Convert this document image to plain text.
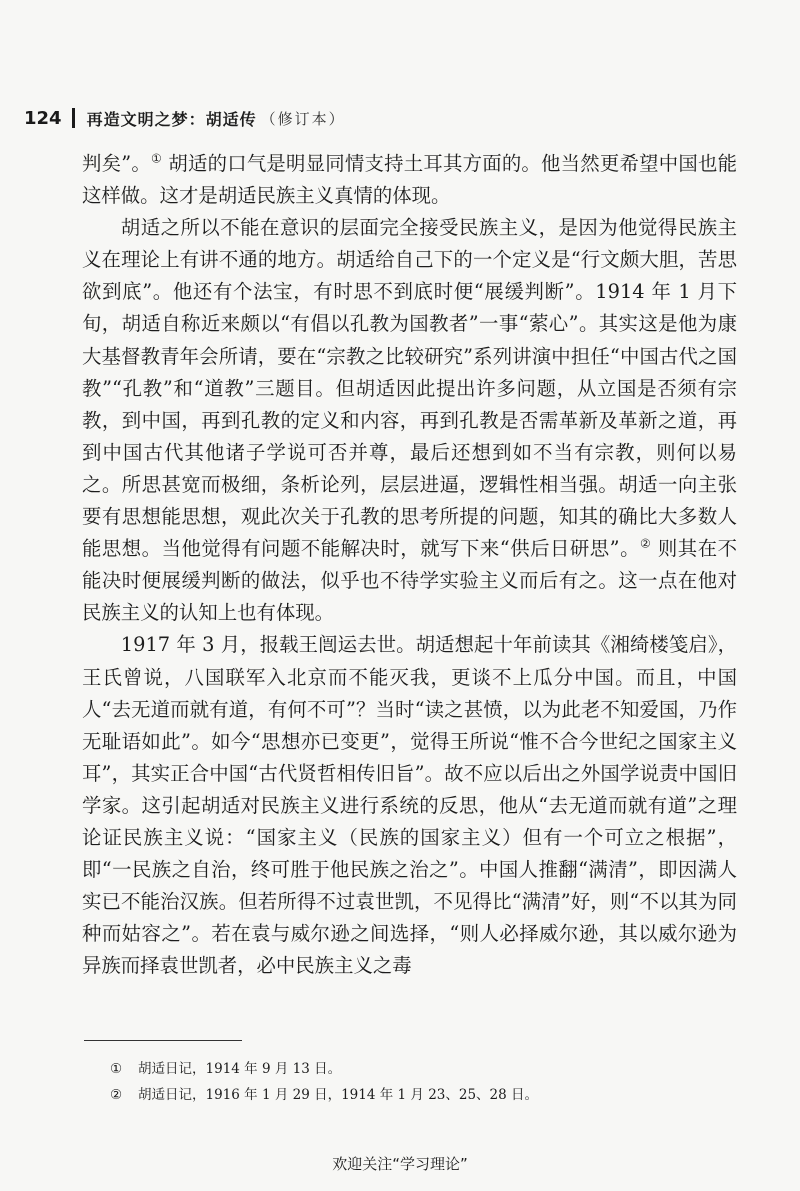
124 再造文明之梦：胡适传 （修订本）

判矣”。① 胡适的口气是明显同情支持土耳其方面的。他当然更希望中国也能这样做。这才是胡适民族主义真情的体现。

胡适之所以不能在意识的层面完全接受民族主义，是因为他觉得民族主义在理论上有讲不通的地方。胡适给自己下的一个定义是“行文颇大胆，苦思欲到底”。他还有个法宝，有时思不到底时便“展缓判断”。1914 年 1 月下旬，胡适自称近来颇以“有倡以孔教为国教者”一事“萦心”。其实这是他为康大基督教青年会所请，要在“宗教之比较研究”系列讲演中担任“中国古代之国教”“孔教”和“道教”三题目。但胡适因此提出许多问题，从立国是否须有宗教，到中国，再到孔教的定义和内容，再到孔教是否需革新及革新之道，再到中国古代其他诸子学说可否并尊，最后还想到如不当有宗教，则何以易之。所思甚宽而极细，条析论列，层层进逼，逻辑性相当强。胡适一向主张要有思想能思想，观此次关于孔教的思考所提的问题，知其的确比大多数人能思想。当他觉得有问题不能解决时，就写下来“供后日研思”。② 则其在不能决时便展缓判断的做法，似乎也不待学实验主义而后有之。这一点在他对民族主义的认知上也有体现。

1917 年 3 月，报载王闿运去世。胡适想起十年前读其《湘绮楼笺启》，王氏曾说，八国联军入北京而不能灭我，更谈不上瓜分中国。而且，中国人“去无道而就有道，有何不可”？当时“读之甚愤，以为此老不知爱国，乃作无耻语如此”。如今“思想亦已变更”，觉得王所说“惟不合今世纪之国家主义耳”，其实正合中国“古代贤哲相传旧旨”。故不应以后出之外国学说责中国旧学家。这引起胡适对民族主义进行系统的反思，他从“去无道而就有道”之理论证民族主义说：“国家主义（民族的国家主义）但有一个可立之根据”，即“一民族之自治，终可胜于他民族之治之”。中国人推翻“满清”，即因满人实已不能治汉族。但若所得不过袁世凯，不见得比“满清”好，则“不以其为同种而姑容之”。若在袁与威尔逊之间选择，“则人必择威尔逊，其以威尔逊为异族而择袁世凯者，必中民族主义之毒

①	胡适日记，1914 年 9 月 13 日。
②	胡适日记，1916 年 1 月 29 日，1914 年 1 月 23、25、28 日。
欢迎关注“学习理论”
